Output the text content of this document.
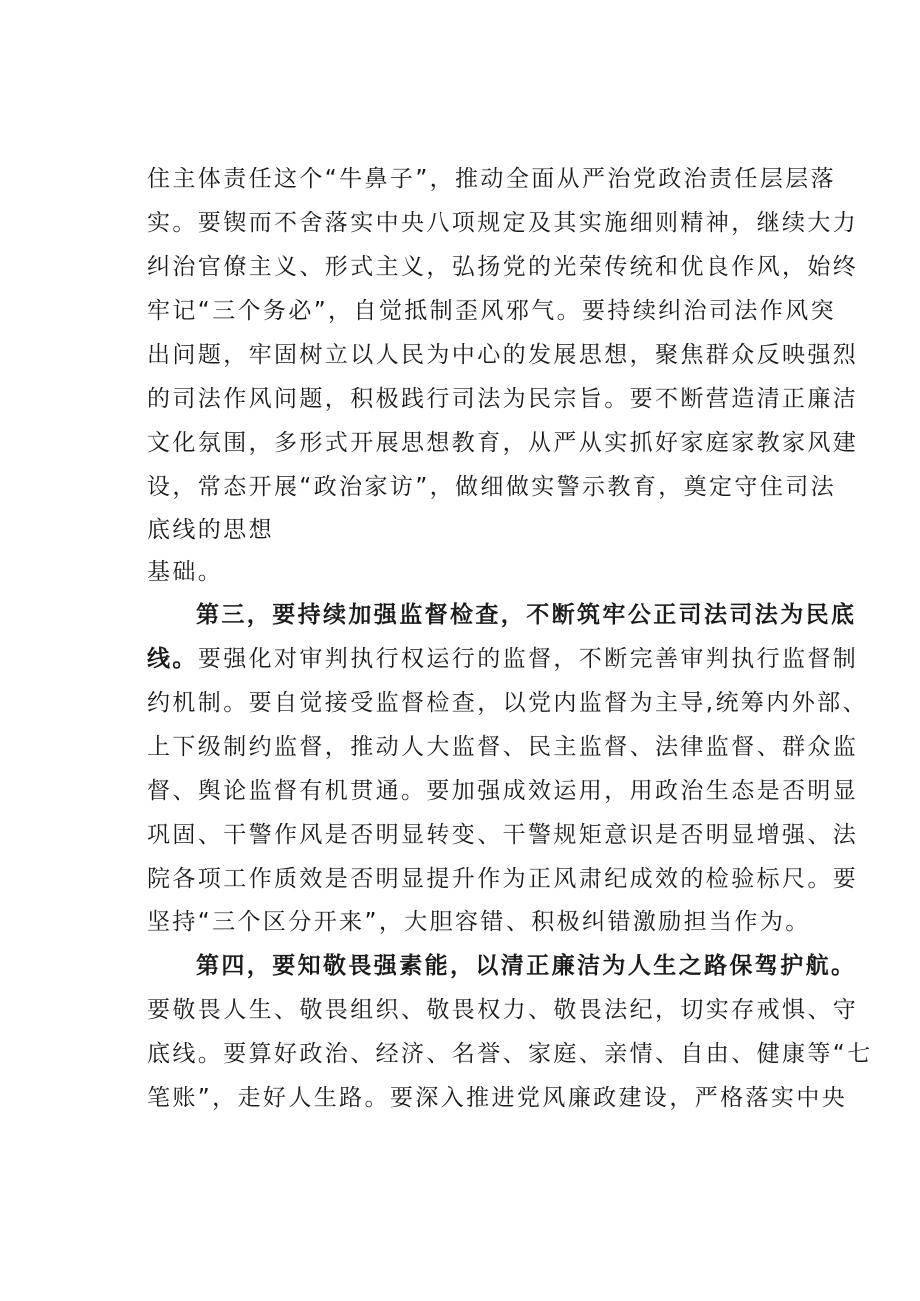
住主体责任这个“牛鼻子”，推动全面从严治党政治责任层层落
实。要锲而不舍落实中央八项规定及其实施细则精神，继续大力
纠治官僚主义、形式主义，弘扬党的光荣传统和优良作风，始终
牢记“三个务必”，自觉抵制歪风邪气。要持续纠治司法作风突
出问题，牢固树立以人民为中心的发展思想，聚焦群众反映强烈
的司法作风问题，积极践行司法为民宗旨。要不断营造清正廉洁
文化氛围，多形式开展思想教育，从严从实抓好家庭家教家风建
设，常态开展“政治家访”，做细做实警示教育，奠定守住司法
底线的思想
基础。
第三，要持续加强监督检查，不断筑牢公正司法司法为民底
线。要强化对审判执行权运行的监督，不断完善审判执行监督制
约机制。要自觉接受监督检查，以党内监督为主导,统筹内外部、
上下级制约监督，推动人大监督、民主监督、法律监督、群众监
督、舆论监督有机贯通。要加强成效运用，用政治生态是否明显
巩固、干警作风是否明显转变、干警规矩意识是否明显增强、法
院各项工作质效是否明显提升作为正风肃纪成效的检验标尺。要
坚持“三个区分开来”，大胆容错、积极纠错激励担当作为。
第四，要知敬畏强素能，以清正廉洁为人生之路保驾护航。
要敬畏人生、敬畏组织、敬畏权力、敬畏法纪，切实存戒惧、守
底线。要算好政治、经济、名誉、家庭、亲情、自由、健康等“七
笔账”，走好人生路。要深入推进党风廉政建设，严格落实中央
